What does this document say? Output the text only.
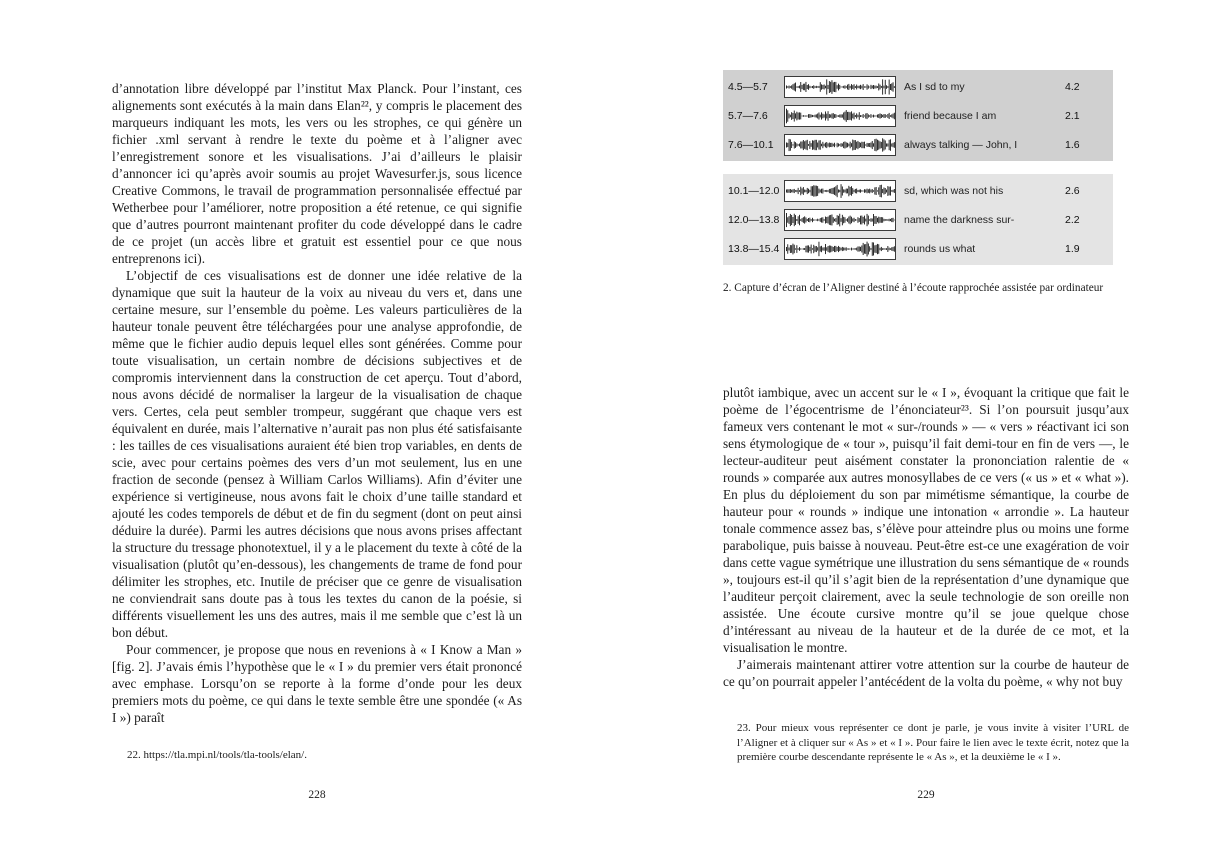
d’annotation libre développé par l’institut Max Planck. Pour l’instant, ces alignements sont exécutés à la main dans Elan²², y compris le placement des marqueurs indiquant les mots, les vers ou les strophes, ce qui génère un fichier .xml servant à rendre le texte du poème et à l’aligner avec l’enregistrement sonore et les visualisations. J’ai d’ailleurs le plaisir d’annoncer ici qu’après avoir soumis au projet Wavesurfer.js, sous licence Creative Commons, le travail de programmation personnalisée effectué par Wetherbee pour l’améliorer, notre proposition a été retenue, ce qui signifie que d’autres pourront maintenant profiter du code développé dans le cadre de ce projet (un accès libre et gratuit est essentiel pour ce que nous entreprenons ici).

L’objectif de ces visualisations est de donner une idée relative de la dynamique que suit la hauteur de la voix au niveau du vers et, dans une certaine mesure, sur l’ensemble du poème. Les valeurs particulières de la hauteur tonale peuvent être téléchargées pour une analyse approfondie, de même que le fichier audio depuis lequel elles sont générées. Comme pour toute visualisation, un certain nombre de décisions subjectives et de compromis interviennent dans la construction de cet aperçu. Tout d’abord, nous avons décidé de normaliser la largeur de la visualisation de chaque vers. Certes, cela peut sembler trompeur, suggérant que chaque vers est équivalent en durée, mais l’alternative n’aurait pas non plus été satisfaisante : les tailles de ces visualisations auraient été bien trop variables, en dents de scie, avec pour certains poèmes des vers d’un mot seulement, lus en une fraction de seconde (pensez à William Carlos Williams). Afin d’éviter une expérience si vertigineuse, nous avons fait le choix d’une taille standard et ajouté les codes temporels de début et de fin du segment (dont on peut ainsi déduire la durée). Parmi les autres décisions que nous avons prises affectant la structure du tressage phonotextuel, il y a le placement du texte à côté de la visualisation (plutôt qu’en-dessous), les changements de trame de fond pour délimiter les strophes, etc. Inutile de préciser que ce genre de visualisation ne conviendrait sans doute pas à tous les textes du canon de la poésie, si différents visuellement les uns des autres, mais il me semble que c’est là un bon début.

Pour commencer, je propose que nous en revenions à « I Know a Man » [fig. 2]. J’avais émis l’hypothèse que le « I » du premier vers était prononcé avec emphase. Lorsqu’on se reporte à la forme d’onde pour les deux premiers mots du poème, ce qui dans le texte semble être une spondée (« As I ») paraît

22. https://tla.mpi.nl/tools/tla-tools/elan/.
228
4.5—5.7	As I sd to my	4.2
5.7—7.6	friend because I am	2.1
7.6—10.1	always talking — John, I	1.6
10.1—12.0	sd, which was not his	2.6
12.0—13.8	name the darkness sur-	2.2
13.8—15.4	rounds us what	1.9
2. Capture d’écran de l’Aligner destiné à l’écoute rapprochée assistée par ordinateur

plutôt iambique, avec un accent sur le « I », évoquant la critique que fait le poème de l’égocentrisme de l’énonciateur²³. Si l’on poursuit jusqu’aux fameux vers contenant le mot « sur-/rounds » — « vers » réactivant ici son sens étymologique de « tour », puisqu’il fait demi-tour en fin de vers —, le lecteur-auditeur peut aisément constater la prononciation ralentie de « rounds » comparée aux autres monosyllabes de ce vers (« us » et « what »). En plus du déploiement du son par mimétisme sémantique, la courbe de hauteur pour « rounds » indique une intonation « arrondie ». La hauteur tonale commence assez bas, s’élève pour atteindre plus ou moins une forme parabolique, puis baisse à nouveau. Peut-être est-ce une exagération de voir dans cette vague symétrique une illustration du sens sémantique de « rounds », toujours est-il qu’il s’agit bien de la représentation d’une dynamique que l’auditeur perçoit clairement, avec la seule technologie de son oreille non assistée. Une écoute cursive montre qu’il se joue quelque chose d’intéressant au niveau de la hauteur et de la durée de ce mot, et la visualisation le montre.

J’aimerais maintenant attirer votre attention sur la courbe de hauteur de ce qu’on pourrait appeler l’antécédent de la volta du poème, « why not buy

23. Pour mieux vous représenter ce dont je parle, je vous invite à visiter l’URL de l’Aligner et à cliquer sur « As » et « I ». Pour faire le lien avec le texte écrit, notez que la première courbe descendante représente le « As », et la deuxième le « I ».
229
